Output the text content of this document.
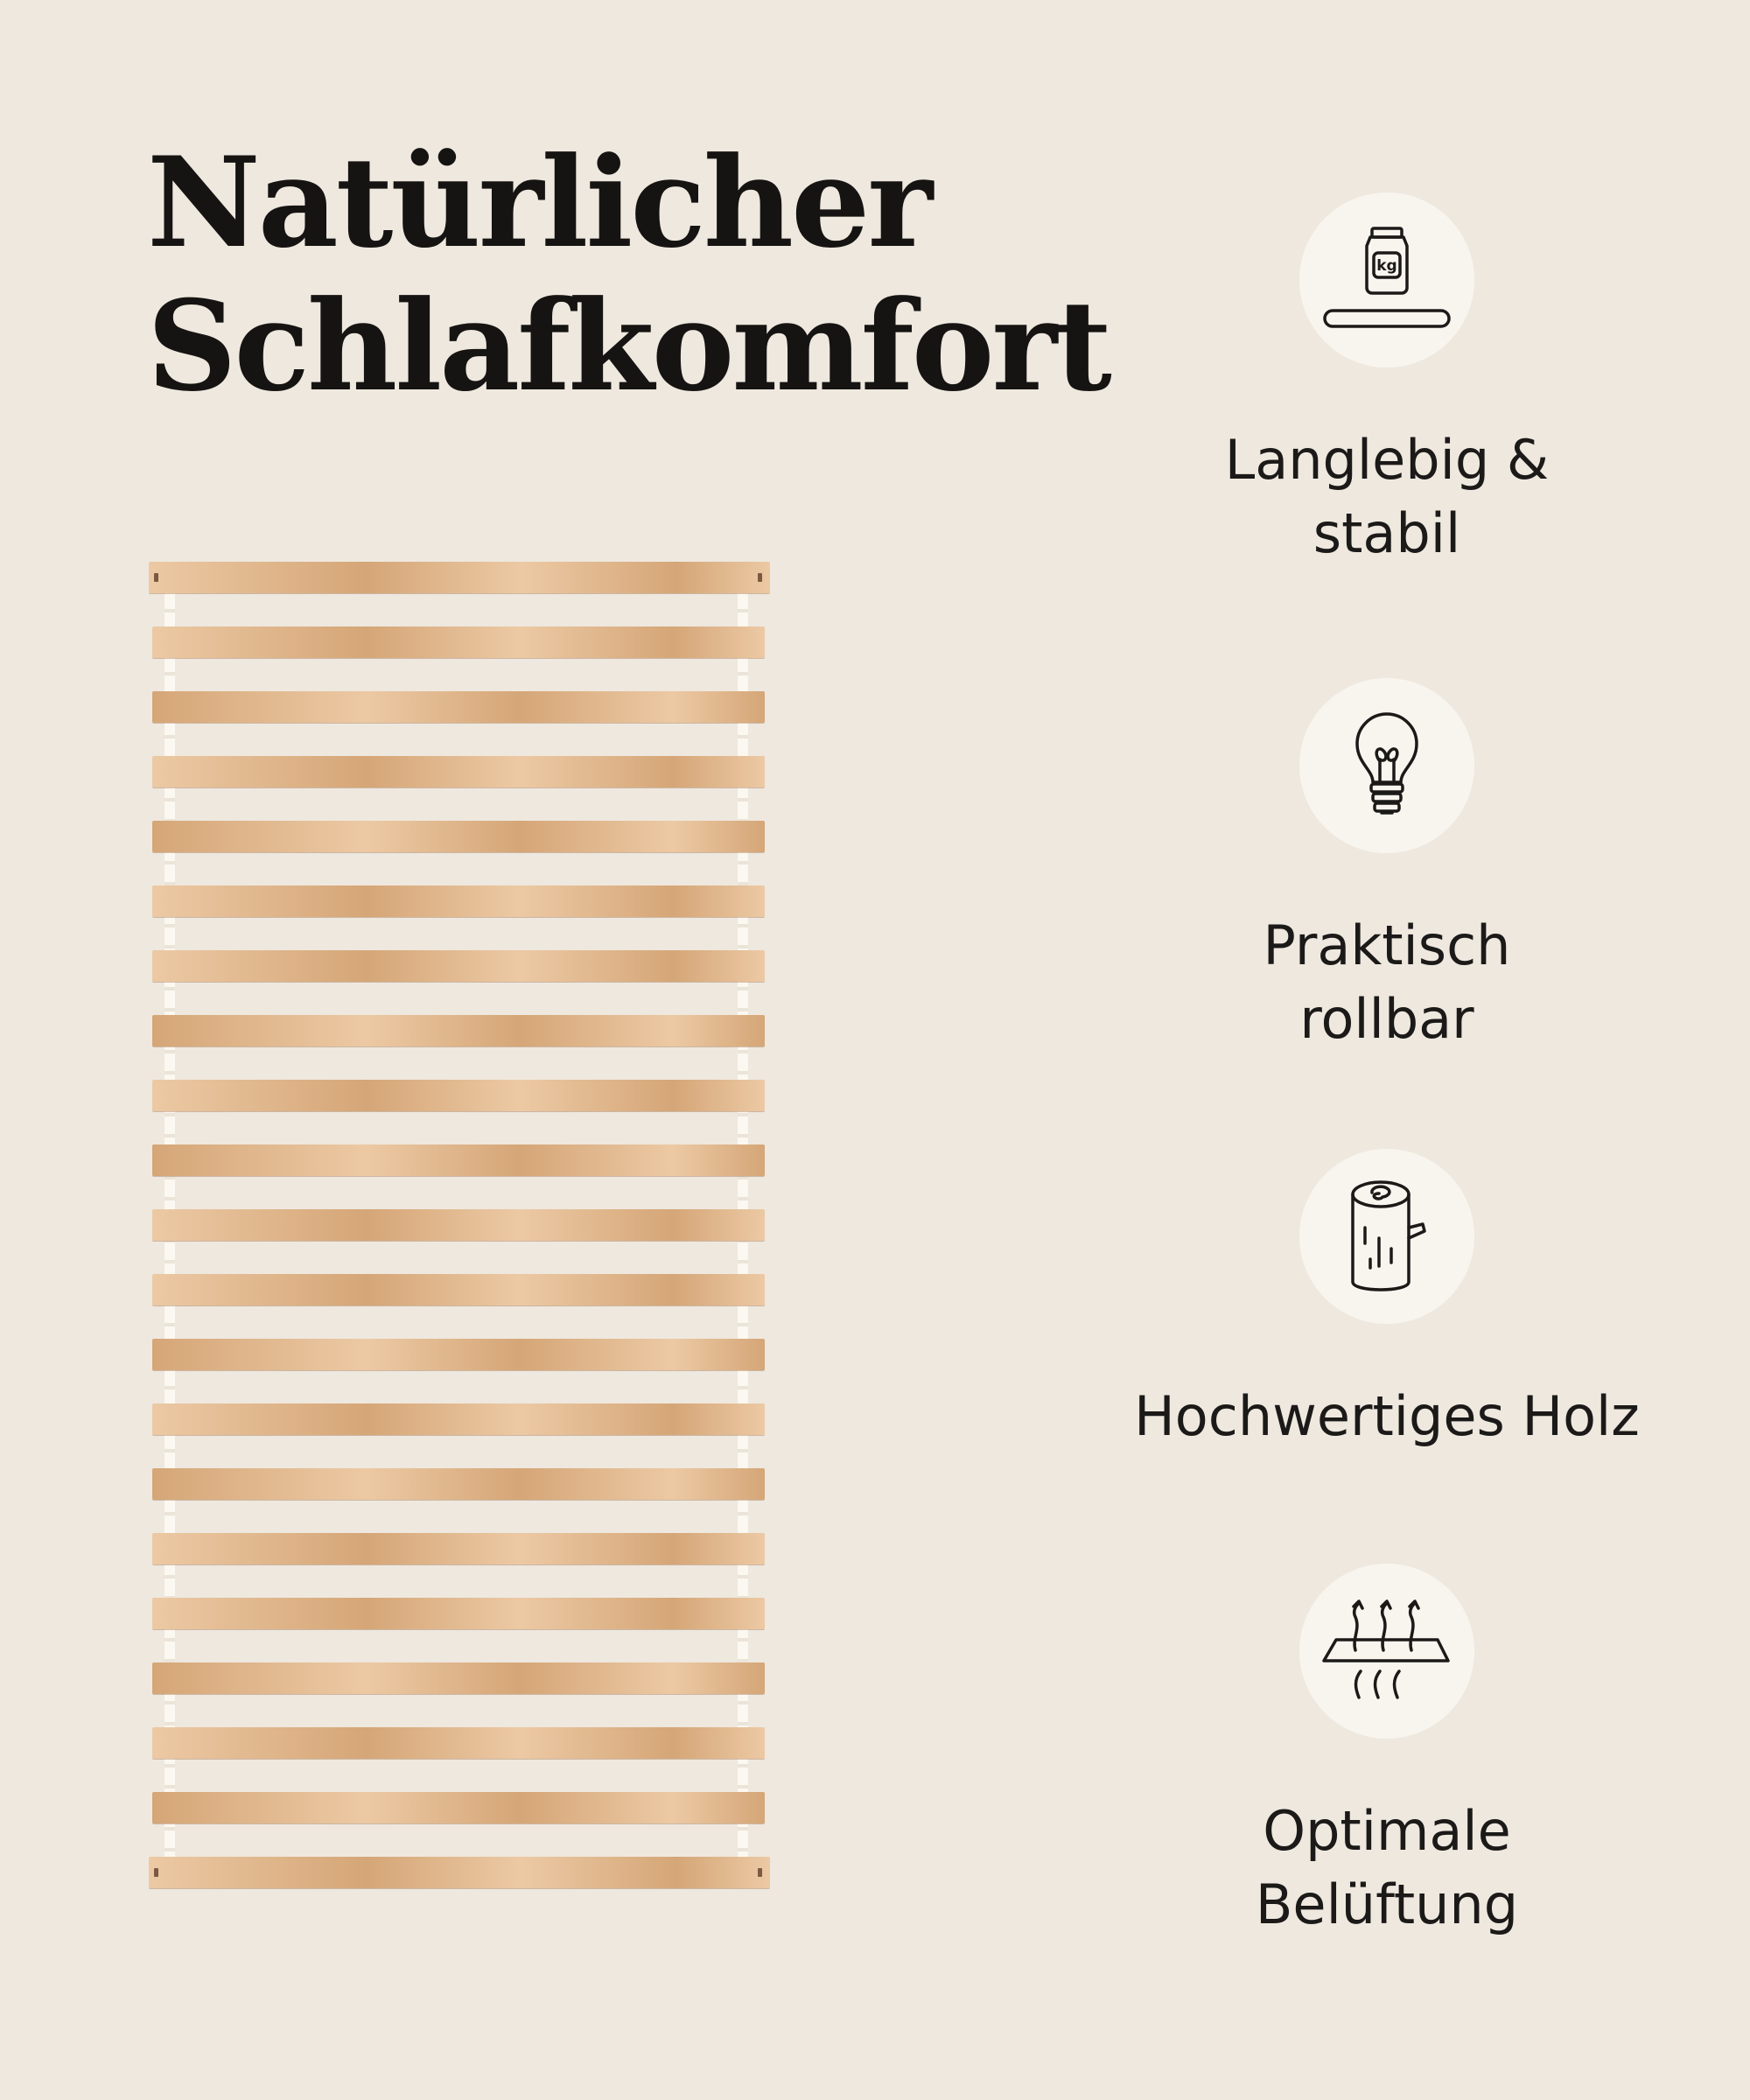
Natürlicher
Schlafkomfort
kg
Langlebig &
stabil
Praktisch
rollbar
Hochwertiges Holz
Optimale
Belüftung
